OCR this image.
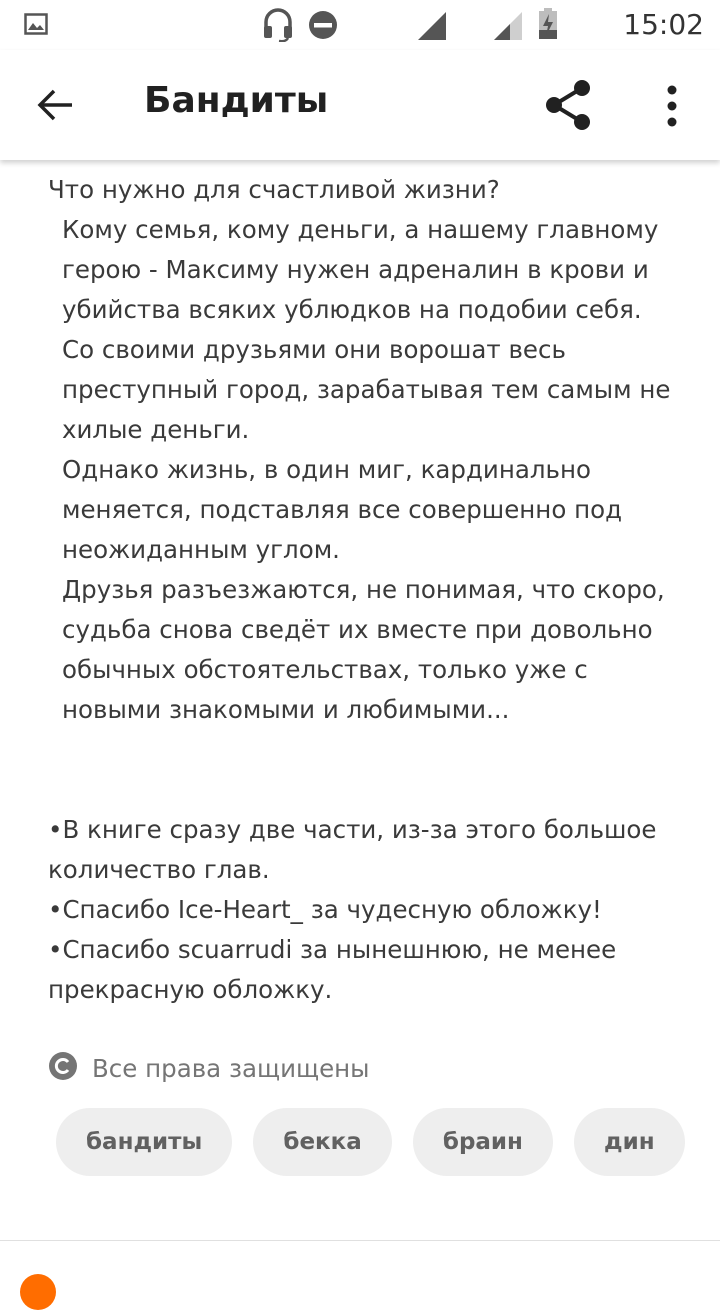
15:02
Бандиты

Что нужно для счастливой жизни?

Кому семья, кому деньги, а нашему главному герою - Максиму нужен адреналин в крови и убийства всяких ублюдков на подобии себя.

Со своими друзьями они ворошат весь преступный город, зарабатывая тем самым не хилые деньги.

Однако жизнь, в один миг, кардинально меняется, подставляя все совершенно под неожиданным углом.

Друзья разъезжаются, не понимая, что скоро, судьба снова сведёт их вместе при довольно обычных обстоятельствах, только уже с новыми знакомыми и любимыми...

•В книге сразу две части, из-за этого большое количество глав.

•Спасибо Ice-Heart_ за чудесную обложку!

•Спасибо scuarrudi за нынешнюю, не менее прекрасную обложку.

Все права защищены
бандиты	бекка	браин	дин
